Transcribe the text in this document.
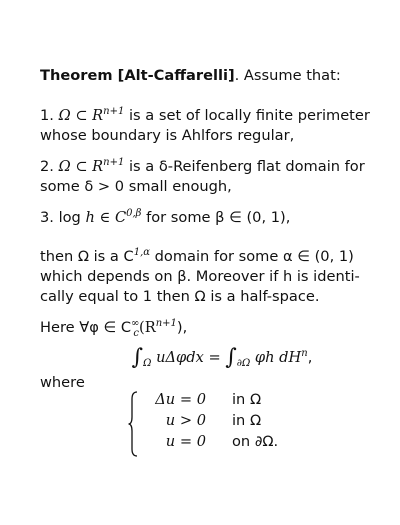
Theorem [Alt-Caffarelli]. Assume that:
1. Ω ⊂ $R^{n+1}$ is a set of locally finite perimeter
whose boundary is Ahlfors regular,
2. Ω ⊂ $R^{n+1}$ is a δ-Reifenberg flat domain for
some δ > 0 small enough,
3. log h ∈ $C^{0,\beta}$ for some β ∈ (0, 1),
then Ω is a $C^{1,\alpha}$ domain for some α ∈ (0, 1)
which depends on β. Moreover if h is identi-
cally equal to 1 then Ω is a half-space.
Here ∀φ ∈ $C^\infty_c(R^{n+1})$,
$\int_\Omega$ $u\Delta\varphi dx = \int_{\partial\Omega}$ φh $dH^n$,
where
Δu = 0 in Ω
u > 0 in Ω
u = 0 on ∂Ω.
